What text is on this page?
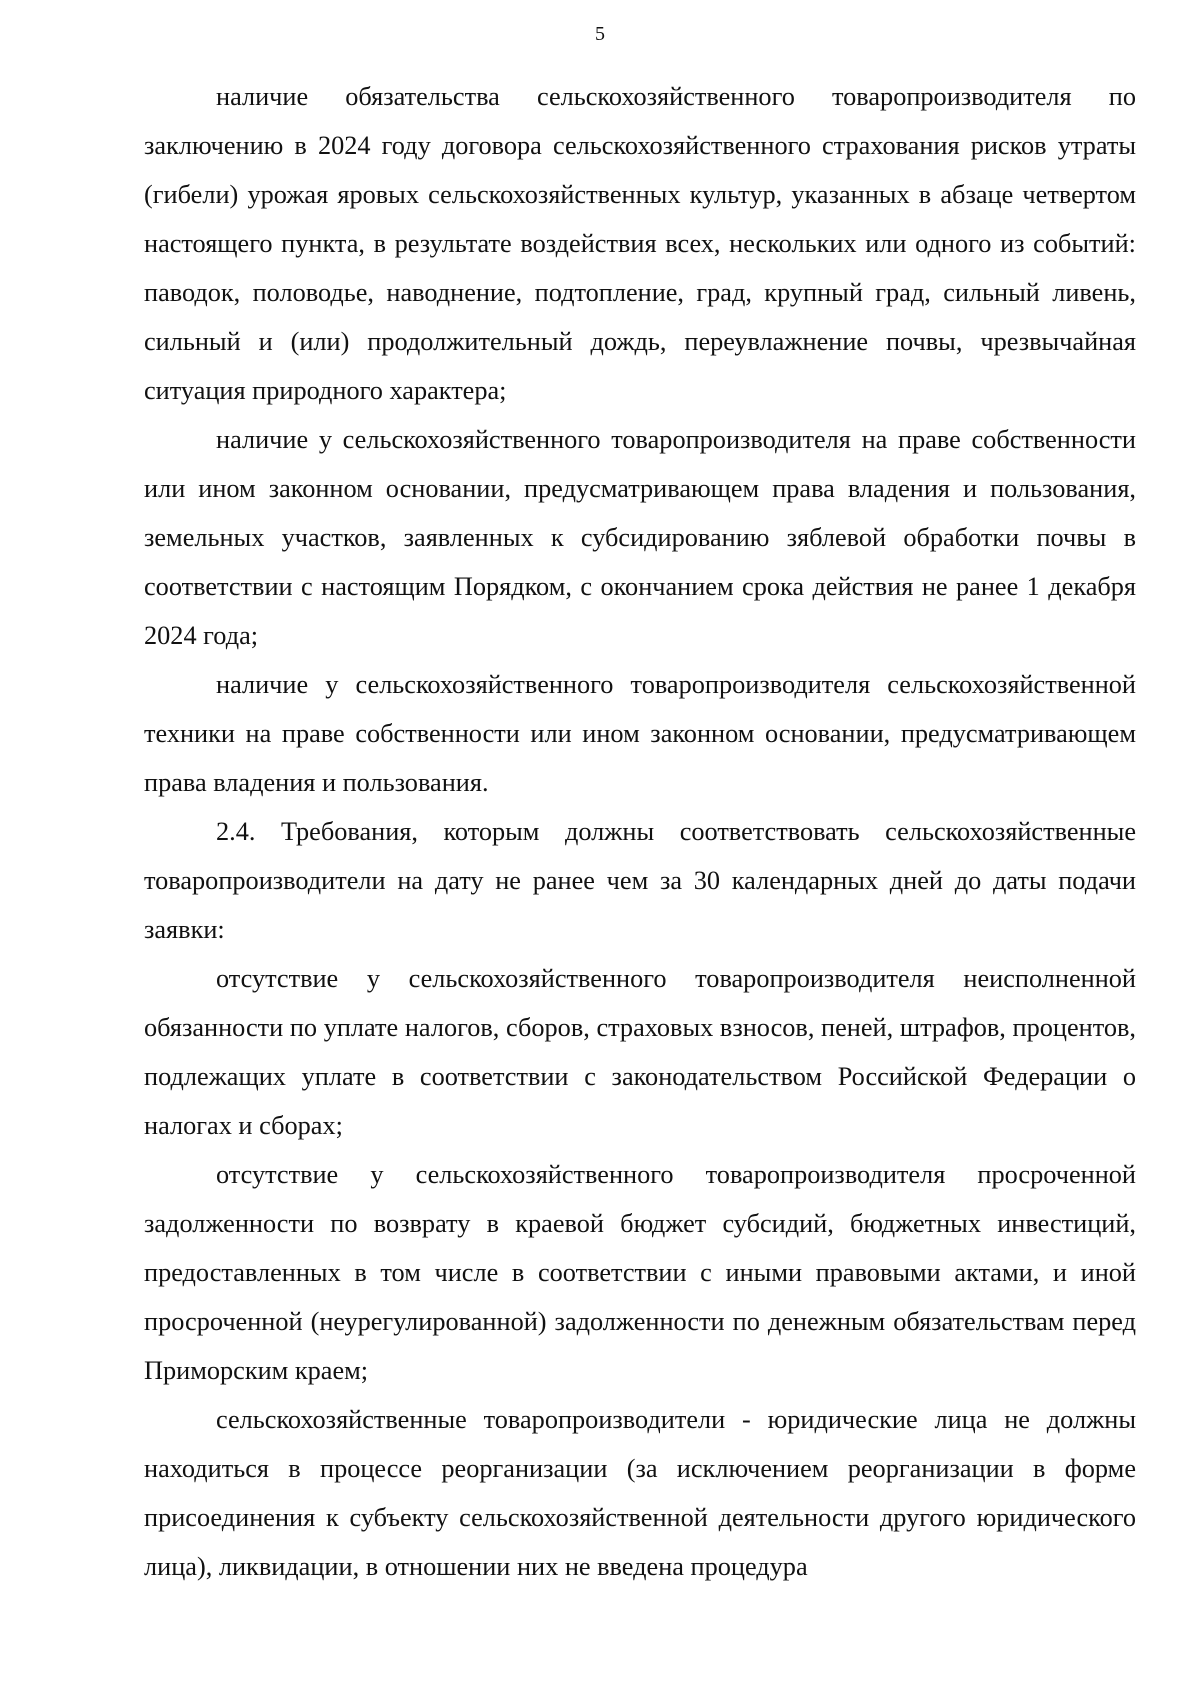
5

наличие обязательства сельскохозяйственного товаропроизводителя по заключению в 2024 году договора сельскохозяйственного страхования рисков утраты (гибели) урожая яровых сельскохозяйственных культур, указанных в абзаце четвертом настоящего пункта, в результате воздействия всех, нескольких или одного из событий: паводок, половодье, наводнение, подтопление, град, крупный град, сильный ливень, сильный и (или) продолжительный дождь, переувлажнение почвы, чрезвычайная ситуация природного характера;

наличие у сельскохозяйственного товаропроизводителя на праве собственности или ином законном основании, предусматривающем права владения и пользования, земельных участков, заявленных к субсидированию зяблевой обработки почвы в соответствии с настоящим Порядком, с окончанием срока действия не ранее 1 декабря 2024 года;

наличие у сельскохозяйственного товаропроизводителя сельскохозяйственной техники на праве собственности или ином законном основании, предусматривающем права владения и пользования.

2.4. Требования, которым должны соответствовать сельскохозяйственные товаропроизводители на дату не ранее чем за 30 календарных дней до даты подачи заявки:

отсутствие у сельскохозяйственного товаропроизводителя неисполненной обязанности по уплате налогов, сборов, страховых взносов, пеней, штрафов, процентов, подлежащих уплате в соответствии с законодательством Российской Федерации о налогах и сборах;

отсутствие у сельскохозяйственного товаропроизводителя просроченной задолженности по возврату в краевой бюджет субсидий, бюджетных инвестиций, предоставленных в том числе в соответствии с иными правовыми актами, и иной просроченной (неурегулированной) задолженности по денежным обязательствам перед Приморским краем;

сельскохозяйственные товаропроизводители - юридические лица не должны находиться в процессе реорганизации (за исключением реорганизации в форме присоединения к субъекту сельскохозяйственной деятельности другого юридического лица), ликвидации, в отношении них не введена процедура
